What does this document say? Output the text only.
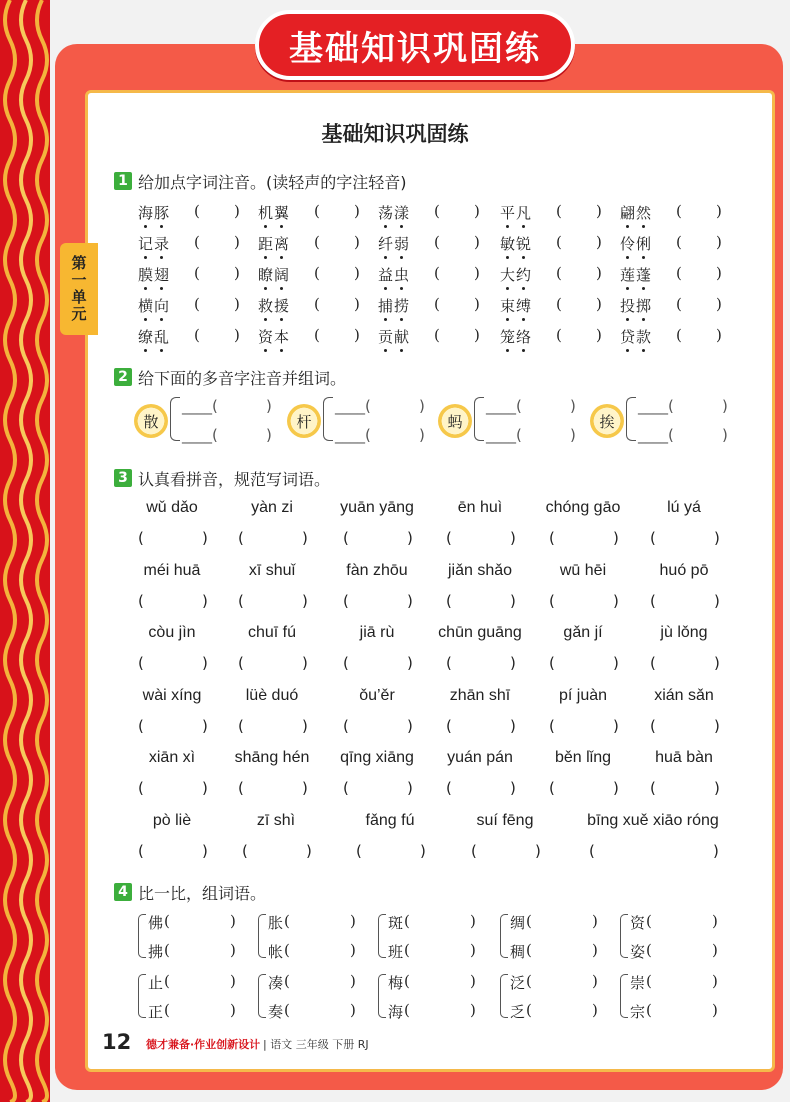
基础知识巩固练
第一单元
基础知识巩固练
1 给加点字词注音。(读轻声的字注轻音)
海豚 ( ) 机翼 ( ) 荡漾 ( ) 平凡 ( ) 翩然 ( )
记录 ( ) 距离 ( ) 纤弱 ( ) 敏锐 ( ) 伶俐 ( )
膜翅 ( ) 瞭阔 ( ) 益虫 ( ) 大约 ( ) 莲蓬 ( )
横向 ( ) 救援 ( ) 捕捞 ( ) 束缚 ( ) 投掷 ( )
缭乱 ( ) 资本 ( ) 贡献 ( ) 笼络 ( ) 贷款 ( )
2 给下面的多音字注音并组词。
散
____(	)
____(	)
杆
____(	)
____(	)
蚂
____(	)
____(	)
挨
____(	)
____(	)
3 认真看拼音，规范写词语。
wǔ dǎo
(	)
yàn zi
(	)
yuān yāng
(	)
ēn huì
(	)
chóng gāo
(	)
lú yá
(	)
méi huā
(	)
xī shuǐ
(	)
fàn zhōu
(	)
jiǎn shǎo
(	)
wū hēi
(	)
huó pō
(	)
còu jìn
(	)
chuī fú
(	)
jiā rù
(	)
chūn guāng
(	)
gǎn jí
(	)
jù lǒng
(	)
wài xíng
(	)
lüè duó
(	)
ǒu’ěr
(	)
zhān shī
(	)
pí juàn
(	)
xián sǎn
(	)
xiān xì
(	)
shāng hén
(	)
qīng xiāng
(	)
yuán pán
(	)
běn lǐng
(	)
huā bàn
(	)
pò liè
(	)
zī shì
(	)
fǎng fú
(	)
suí fēng
(	)
bīng xuě xiāo róng
(	)
4 比一比，组词语。
佛 (	)
拂 (	)
胀 (	)
帐 (	)
斑 (	)
班 (	)
绸 (	)
稠 (	)
资 (	)
姿 (	)
止 (	)
正 (	)
凑 (	)
奏 (	)
梅 (	)
海 (	)
泛 (	)
乏 (	)
崇 (	)
宗 (	)
12 德才兼备·作业创新设计 | 语文 三年级 下册 RJ
